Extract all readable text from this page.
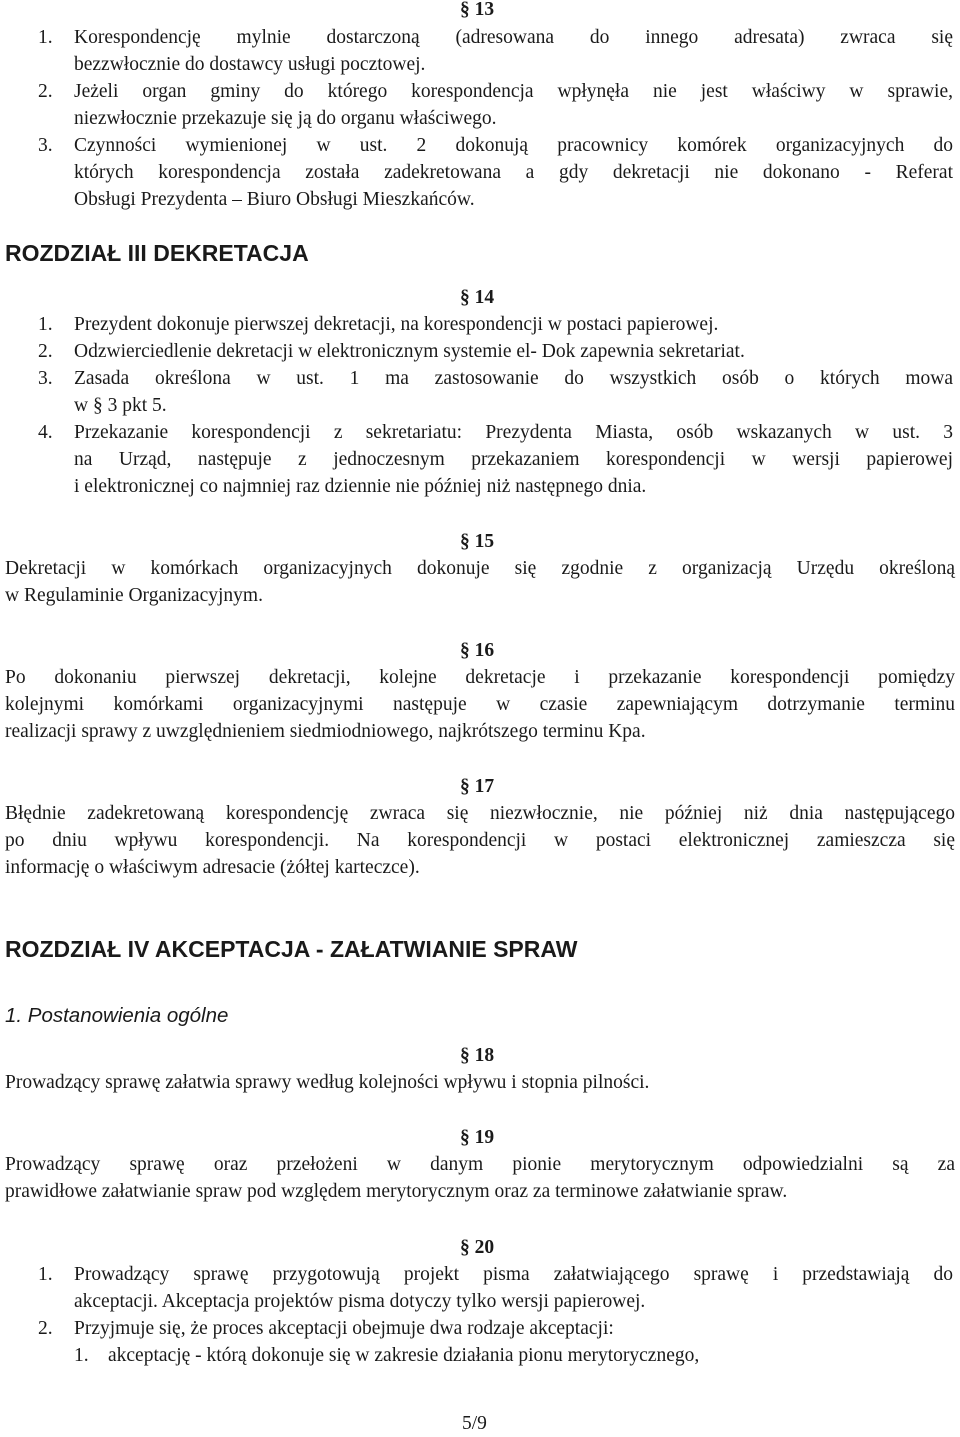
§ 13
1. Korespondencję mylnie dostarczoną (adresowana do innego adresata) zwraca się
bezzwłocznie do dostawcy usługi pocztowej.
2. Jeżeli organ gminy do którego korespondencja wpłynęła nie jest właściwy w sprawie,
niezwłocznie przekazuje się ją do organu właściwego.
3. Czynności wymienionej w ust. 2 dokonują pracownicy komórek organizacyjnych do
których korespondencja została zadekretowana a gdy dekretacji nie dokonano - Referat
Obsługi Prezydenta – Biuro Obsługi Mieszkańców.
ROZDZIAŁ III DEKRETACJA
§ 14
1. Prezydent dokonuje pierwszej dekretacji, na korespondencji w postaci papierowej.
2. Odzwierciedlenie dekretacji w elektronicznym systemie el- Dok zapewnia sekretariat.
3. Zasada określona w ust. 1 ma zastosowanie do wszystkich osób o których mowa
w § 3 pkt 5.
4. Przekazanie korespondencji z sekretariatu: Prezydenta Miasta, osób wskazanych w ust. 3
na Urząd, następuje z jednoczesnym przekazaniem korespondencji w wersji papierowej
i elektronicznej co najmniej raz dziennie nie później niż następnego dnia.
§ 15
Dekretacji w komórkach organizacyjnych dokonuje się zgodnie z organizacją Urzędu określoną
w Regulaminie Organizacyjnym.
§ 16
Po dokonaniu pierwszej dekretacji, kolejne dekretacje i przekazanie korespondencji pomiędzy
kolejnymi komórkami organizacyjnymi następuje w czasie zapewniającym dotrzymanie terminu
realizacji sprawy z uwzględnieniem siedmiodniowego, najkrótszego terminu Kpa.
§ 17
Błędnie zadekretowaną korespondencję zwraca się niezwłocznie, nie później niż dnia następującego
po dniu wpływu korespondencji. Na korespondencji w postaci elektronicznej zamieszcza się
informację o właściwym adresacie (żółtej karteczce).
ROZDZIAŁ IV AKCEPTACJA - ZAŁATWIANIE SPRAW
1. Postanowienia ogólne
§ 18
Prowadzący sprawę załatwia sprawy według kolejności wpływu i stopnia pilności.
§ 19
Prowadzący sprawę oraz przełożeni w danym pionie merytorycznym odpowiedzialni są za
prawidłowe załatwianie spraw pod względem merytorycznym oraz za terminowe załatwianie spraw.
§ 20
1. Prowadzący sprawę przygotowują projekt pisma załatwiającego sprawę i przedstawiają do
akceptacji. Akceptacja projektów pisma dotyczy tylko wersji papierowej.
2. Przyjmuje się, że proces akceptacji obejmuje dwa rodzaje akceptacji:
1. akceptację - którą dokonuje się w zakresie działania pionu merytorycznego,
5/9
